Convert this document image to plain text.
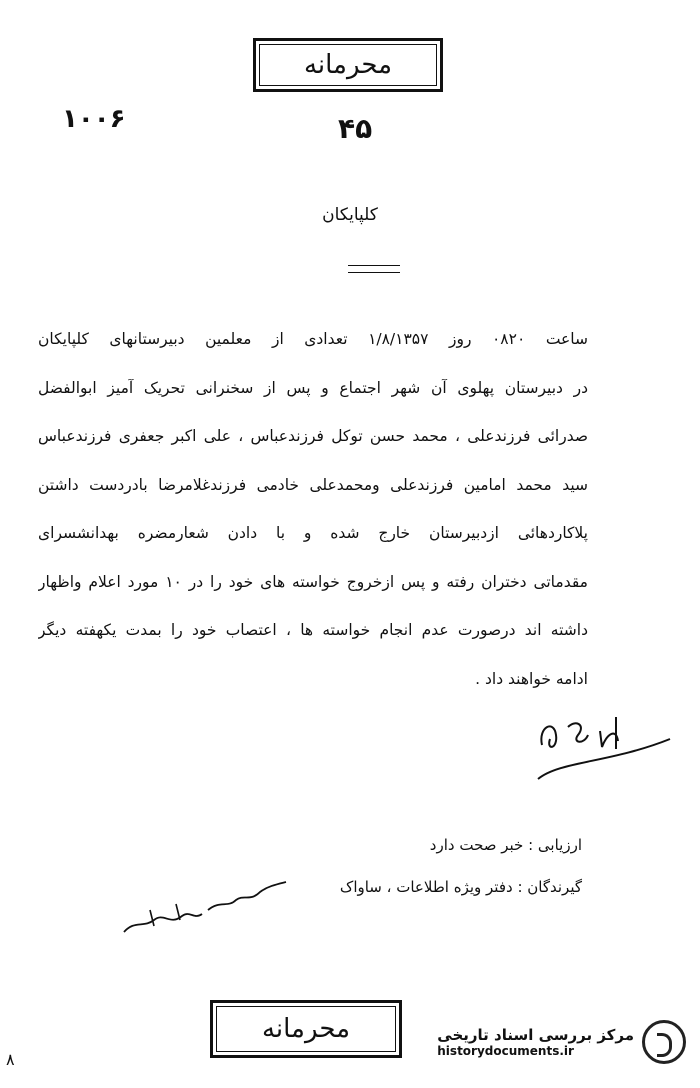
محرمانه
۱۰۰۶	۴۵
کلپایکان
ساعت ۰۸۲۰ روز ۱/۸/۱۳۵۷ تعدادی از معلمین دبیرستانهای کلپایکان
در دبیرستان پهلوی آن شهر اجتماع و پس از سخنرانی تحریک آمیز ابوالفضل
صدرائی فرزندعلی ، محمد حسن توکل فرزندعباس ، علی اکبر جعفری فرزندعباس
سید محمد امامین فرزندعلی ومحمدعلی خادمی فرزندغلامرضا بادردست داشتن
پلاکاردهائی ازدبیرستان خارج شده و با دادن شعارمضره بهدانشسرای
مقدماتی دختران رفته و پس ازخروج خواسته های خود را در ۱۰ مورد اعلام واظهار
داشته اند درصورت عدم انجام خواسته ها ، اعتصاب خود را بمدت یکهفته دیگر
ادامه خواهند داد .
ارزیابی : خبر صحت دارد
گیرندگان : دفتر ویژه اطلاعات ، ساواک
محرمانه
۸
مرکز بررسی اسناد تاریخی
historydocuments.ir
